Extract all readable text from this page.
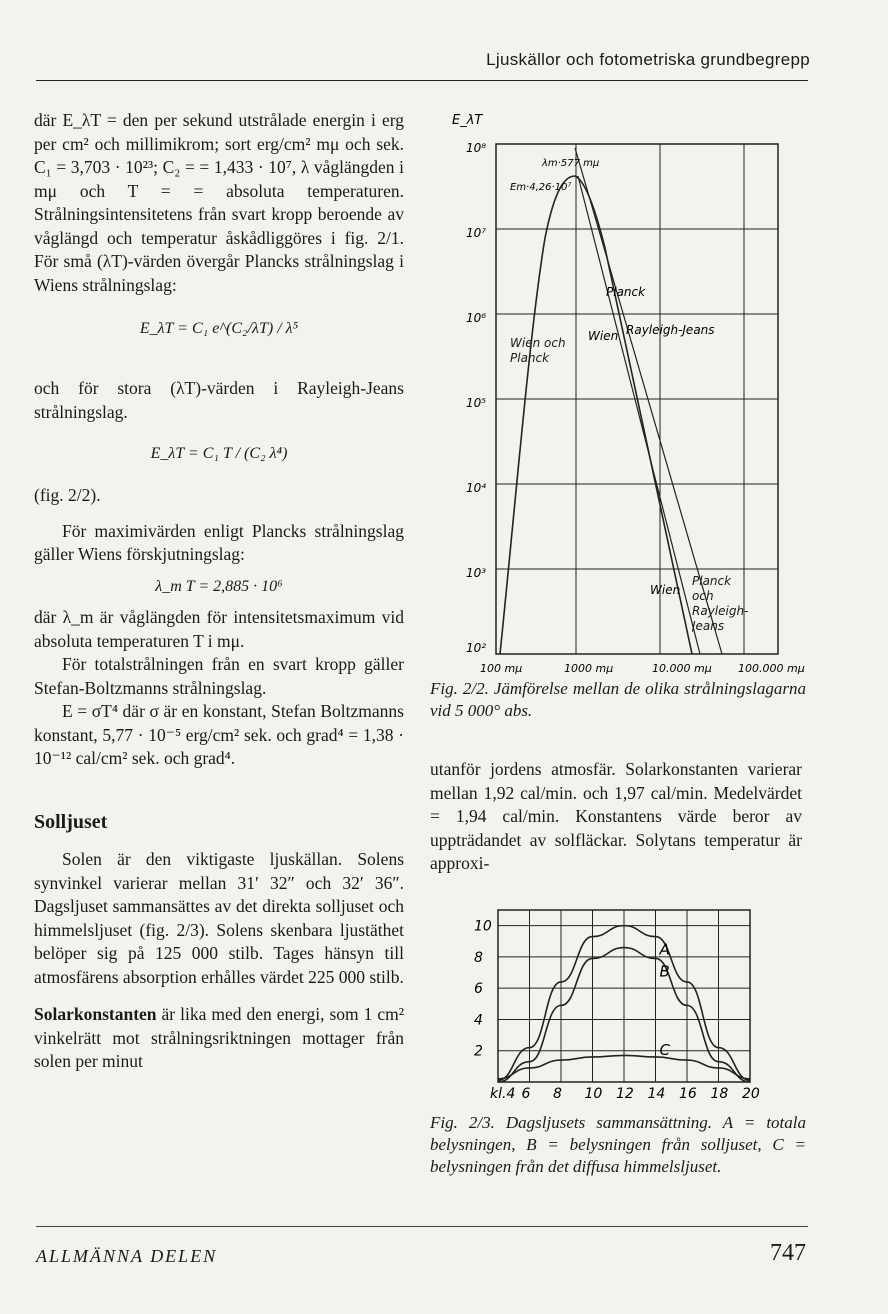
Ljuskällor och fotometriska grundbegrepp

där E_λT = den per sekund utstrålade energin i erg per cm² och millimikrom; sort erg/cm² mμ och sek. C₁ = 3,703 · 10²³; C₂ = = 1,433 · 10⁷, λ våglängden i mμ och T = = absoluta temperaturen. Strålningsintensitetens från svart kropp beroende av våglängd och temperatur åskådliggöres i fig. 2/1. För små (λT)-värden övergår Plancks strålningslag i Wiens strålningslag:

E_λT = C₁ e^(C₂/λT) / λ⁵

och för stora (λT)-värden i Rayleigh-Jeans strålningslag.

E_λT = C₁ T / (C₂ λ⁴)

(fig. 2/2).

För maximivärden enligt Plancks strålningslag gäller Wiens förskjutningslag:

λ_m T = 2,885 · 10⁶

där λ_m är våglängden för intensitetsmaximum vid absoluta temperaturen T i mμ.

För totalstrålningen från en svart kropp gäller Stefan-Boltzmanns strålningslag.

E = σT⁴ där σ är en konstant, Stefan Boltzmanns konstant, 5,77 · 10⁻⁵ erg/cm² sek. och grad⁴ = 1,38 · 10⁻¹² cal/cm² sek. och grad⁴.

Solljuset

Solen är den viktigaste ljuskällan. Solens synvinkel varierar mellan 31′ 32″ och 32′ 36″. Dagsljuset sammansättes av det direkta solljuset och himmelsljuset (fig. 2/3). Solens skenbara ljustäthet belöper sig på 125 000 stilb. Tages hänsyn till atmosfärens absorption erhålles värdet 225 000 stilb.

Solarkonstanten är lika med den energi, som 1 cm² vinkelrätt mot strålningsriktningen mottager från solen per minut

E_λT
10⁸
10⁷
10⁶
10⁵
10⁴
10³
10²
100 mμ	1000 mμ	10.000 mμ 100.000 mμ
λm·577 mμ
Em·4,26·10⁷
Planck
Wien Rayleigh-Jeans
Wien och Planck
Wien
Planck och Rayleigh-Jeans
Fig. 2/2. Jämförelse mellan de olika strålningslagarna vid 5 000° abs.

utanför jordens atmosfär. Solarkonstanten varierar mellan 1,92 cal/min. och 1,97 cal/min. Medelvärdet = 1,94 cal/min. Konstantens värde beror av uppträdandet av solfläckar. Solytans temperatur är approxi-

10
8
6
4
2
kl.4 6 8 10 12 14 16 18 20
A
B
C
Fig. 2/3. Dagsljusets sammansättning. A = totala belysningen, B = belysningen från solljuset, C = belysningen från det diffusa himmelsljuset.
ALLMÄNNA DELEN	747
